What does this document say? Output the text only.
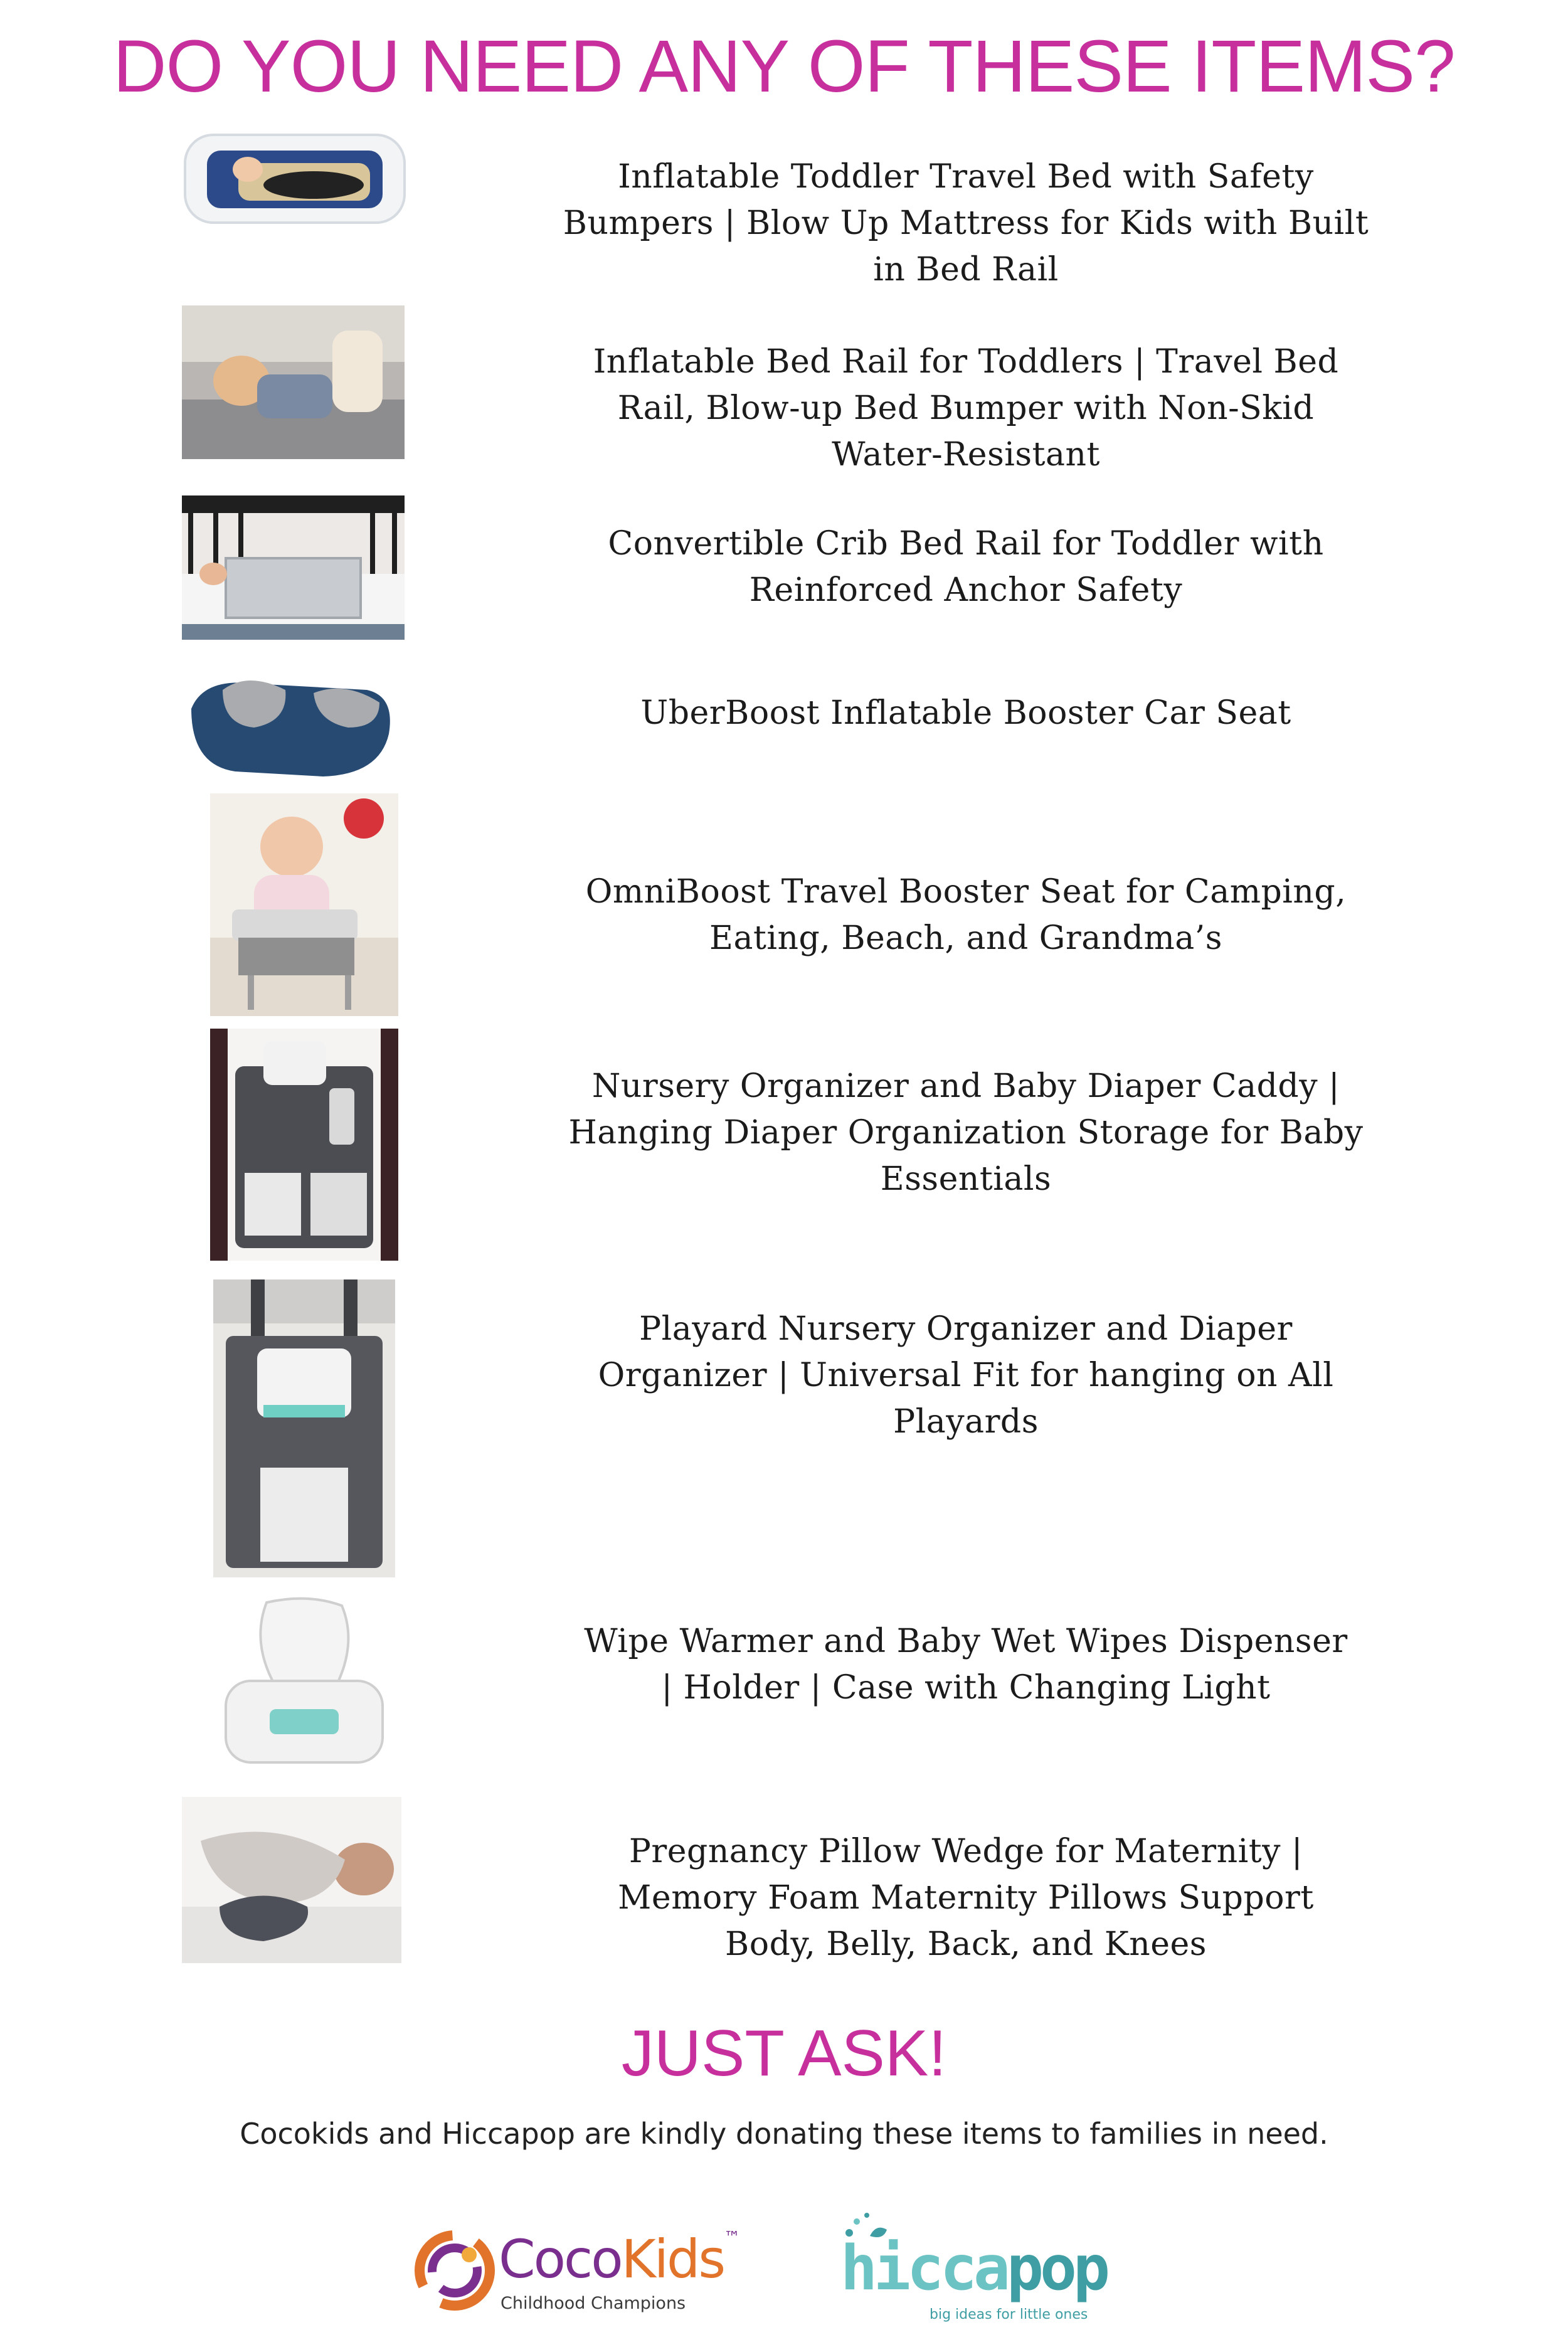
DO YOU NEED ANY OF THESE ITEMS?
Inflatable Toddler Travel Bed with Safety
Bumpers | Blow Up Mattress for Kids with Built
in Bed Rail
Inflatable Bed Rail for Toddlers | Travel Bed
Rail, Blow-up Bed Bumper with Non-Skid
Water-Resistant
Convertible Crib Bed Rail for Toddler with
Reinforced Anchor Safety
UberBoost Inflatable Booster Car Seat
OmniBoost Travel Booster Seat for Camping,
Eating, Beach, and Grandma’s
Nursery Organizer and Baby Diaper Caddy |
Hanging Diaper Organization Storage for Baby
Essentials
Playard Nursery Organizer and Diaper
Organizer | Universal Fit for hanging on All
Playards
Wipe Warmer and Baby Wet Wipes Dispenser
| Holder | Case with Changing Light
Pregnancy Pillow Wedge for Maternity |
Memory Foam Maternity Pillows Support
Body, Belly, Back, and Knees
JUST ASK!
Cocokids and Hiccapop are kindly donating these items to families in need.
CocoKids™
Childhood Champions	hiccapop
big ideas for little ones
